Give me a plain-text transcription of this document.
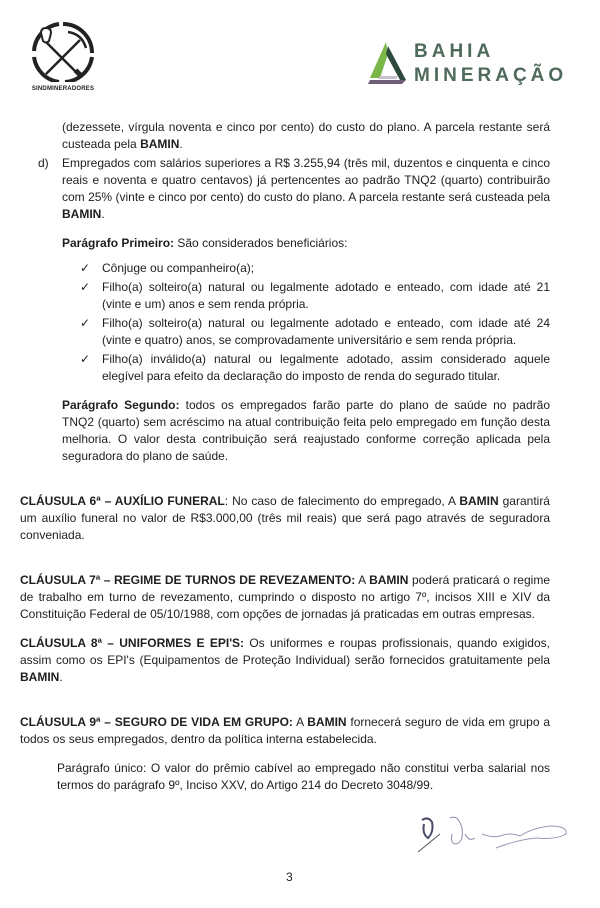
SINDMINERADORES
BAHIA
MINERAÇÃO

(dezessete, vírgula noventa e cinco por cento) do custo do plano. A parcela restante será custeada pela BAMIN.

d) Empregados com salários superiores a R$ 3.255,94 (três mil, duzentos e cinquenta e cinco reais e noventa e quatro centavos) já pertencentes ao padrão TNQ2 (quarto) contribuirão com 25% (vinte e cinco por cento) do custo do plano. A parcela restante será custeada pela BAMIN.

Parágrafo Primeiro: São considerados beneficiários:

✓ Cônjuge ou companheiro(a);
✓ Filho(a) solteiro(a) natural ou legalmente adotado e enteado, com idade até 21 (vinte e um) anos e sem renda própria.
✓ Filho(a) solteiro(a) natural ou legalmente adotado e enteado, com idade até 24 (vinte e quatro) anos, se comprovadamente universitário e sem renda própria.
✓ Filho(a) inválido(a) natural ou legalmente adotado, assim considerado aquele elegível para efeito da declaração do imposto de renda do segurado titular.

Parágrafo Segundo: todos os empregados farão parte do plano de saúde no padrão TNQ2 (quarto) sem acréscimo na atual contribuição feita pelo empregado em função desta melhoria. O valor desta contribuição será reajustado conforme correção aplicada pela seguradora do plano de saúde.

CLÁUSULA 6ª – AUXÍLIO FUNERAL: No caso de falecimento do empregado, A BAMIN garantirá um auxílio funeral no valor de R$3.000,00 (três mil reais) que será pago através de seguradora conveniada.

CLÁUSULA 7ª – REGIME DE TURNOS DE REVEZAMENTO: A BAMIN poderá praticará o regime de trabalho em turno de revezamento, cumprindo o disposto no artigo 7º, incisos XIII e XIV da Constituição Federal de 05/10/1988, com opções de jornadas já praticadas em outras empresas.

CLÁUSULA 8ª – UNIFORMES E EPI'S: Os uniformes e roupas profissionais, quando exigidos, assim como os EPI's (Equipamentos de Proteção Individual) serão fornecidos gratuitamente pela BAMIN.

CLÁUSULA 9ª – SEGURO DE VIDA EM GRUPO: A BAMIN fornecerá seguro de vida em grupo a todos os seus empregados, dentro da política interna estabelecida.

Parágrafo único: O valor do prêmio cabível ao empregado não constitui verba salarial nos termos do parágrafo 9º, Inciso XXV, do Artigo 214 do Decreto 3048/99.

3
